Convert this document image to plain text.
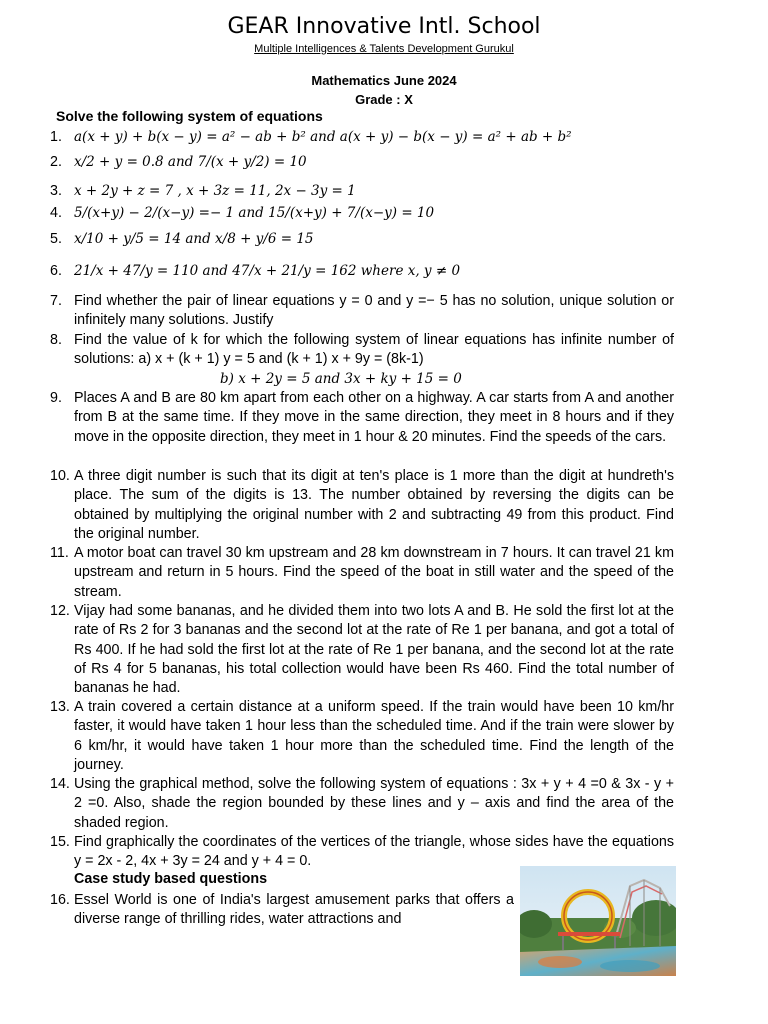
GEAR Innovative Intl. School
Multiple Intelligences & Talents Development Gurukul
Mathematics June 2024
Grade : X
Solve the following system of equations
1. a(x + y) + b(x − y) = a² − ab + b² and a(x + y) − b(x − y) = a² + ab + b²
2. x/2 + y = 0.8 and 7/(x + y/2) = 10
3. x + 2y + z = 7 , x + 3z = 11, 2x − 3y = 1
4. 5/(x+y) − 2/(x−y) =− 1 and 15/(x+y) + 7/(x−y) = 10
5. x/10 + y/5 = 14 and x/8 + y/6 = 15
6. 21/x + 47/y = 110 and 47/x + 21/y = 162 where x, y ≠ 0
7. Find whether the pair of linear equations y = 0 and y =− 5 has no solution, unique solution or infinitely many solutions. Justify
8. Find the value of k for which the following system of linear equations has infinite number of solutions: a) x + (k + 1) y = 5 and (k + 1) x + 9y = (8k-1)
b) x + 2y = 5 and 3x + ky + 15 = 0
9. Places A and B are 80 km apart from each other on a highway. A car starts from A and another from B at the same time. If they move in the same direction, they meet in 8 hours and if they move in the opposite direction, they meet in 1 hour & 20 minutes. Find the speeds of the cars.
10. A three digit number is such that its digit at ten's place is 1 more than the digit at hundreth's place. The sum of the digits is 13. The number obtained by reversing the digits can be obtained by multiplying the original number with 2 and subtracting 49 from this product. Find the original number.
11. A motor boat can travel 30 km upstream and 28 km downstream in 7 hours. It can travel 21 km upstream and return in 5 hours. Find the speed of the boat in still water and the speed of the stream.
12. Vijay had some bananas, and he divided them into two lots A and B. He sold the first lot at the rate of Rs 2 for 3 bananas and the second lot at the rate of Re 1 per banana, and got a total of Rs 400. If he had sold the first lot at the rate of Re 1 per banana, and the second lot at the rate of Rs 4 for 5 bananas, his total collection would have been Rs 460. Find the total number of bananas he had.
13. A train covered a certain distance at a uniform speed. If the train would have been 10 km/hr faster, it would have taken 1 hour less than the scheduled time. And if the train were slower by 6 km/hr, it would have taken 1 hour more than the scheduled time. Find the length of the journey.
14. Using the graphical method, solve the following system of equations : 3x + y + 4 =0 & 3x - y + 2 =0. Also, shade the region bounded by these lines and y – axis and find the area of the shaded region.
15. Find graphically the coordinates of the vertices of the triangle, whose sides have the equations y = 2x - 2, 4x + 3y = 24 and y + 4 = 0.
Case study based questions
16. Essel World is one of India's largest amusement parks that offers a diverse range of thrilling rides, water attractions and
